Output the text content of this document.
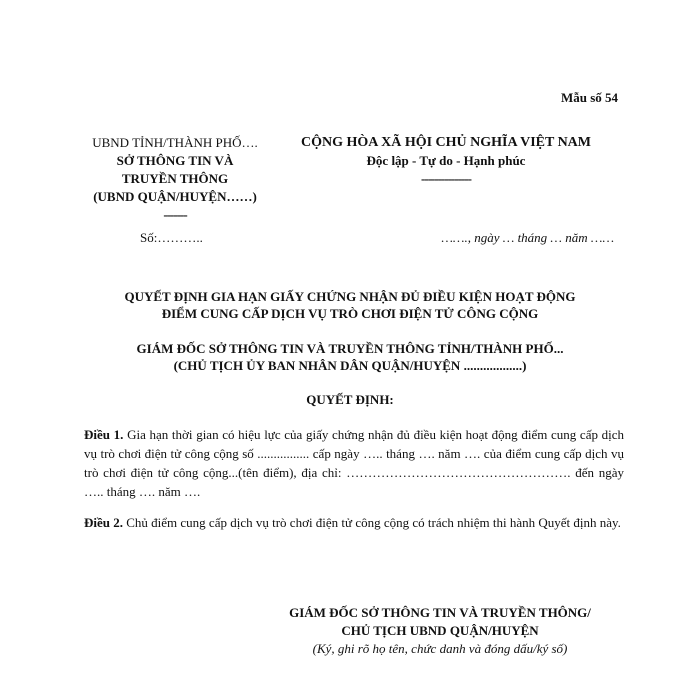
Mẫu số 54
UBND TỈNH/THÀNH PHỐ….
SỞ THÔNG TIN VÀ
TRUYỀN THÔNG
(UBND QUẬN/HUYỆN……)
-------
CỘNG HÒA XÃ HỘI CHỦ NGHĨA VIỆT NAM
Độc lập - Tự do - Hạnh phúc
---------------
Số:………..	……., ngày … tháng … năm ……
QUYẾT ĐỊNH GIA HẠN GIẤY CHỨNG NHẬN ĐỦ ĐIỀU KIỆN HOẠT ĐỘNG
ĐIỂM CUNG CẤP DỊCH VỤ TRÒ CHƠI ĐIỆN TỬ CÔNG CỘNG
GIÁM ĐỐC SỞ THÔNG TIN VÀ TRUYỀN THÔNG TỈNH/THÀNH PHỐ...
(CHỦ TỊCH ỦY BAN NHÂN DÂN QUẬN/HUYỆN ..................)
QUYẾT ĐỊNH:
Điều 1. Gia hạn thời gian có hiệu lực của giấy chứng nhận đủ điều kiện hoạt động điểm cung cấp dịch vụ trò chơi điện tử công cộng số ................ cấp ngày ….. tháng …. năm …. của điểm cung cấp dịch vụ trò chơi điện tử công cộng...(tên điểm), địa chỉ: ……………………………………………. đến ngày ….. tháng …. năm ….
Điều 2. Chủ điểm cung cấp dịch vụ trò chơi điện tử công cộng có trách nhiệm thi hành Quyết định này.
GIÁM ĐỐC SỞ THÔNG TIN VÀ TRUYỀN THÔNG/
CHỦ TỊCH UBND QUẬN/HUYỆN
(Ký, ghi rõ họ tên, chức danh và đóng dấu/ký số)
